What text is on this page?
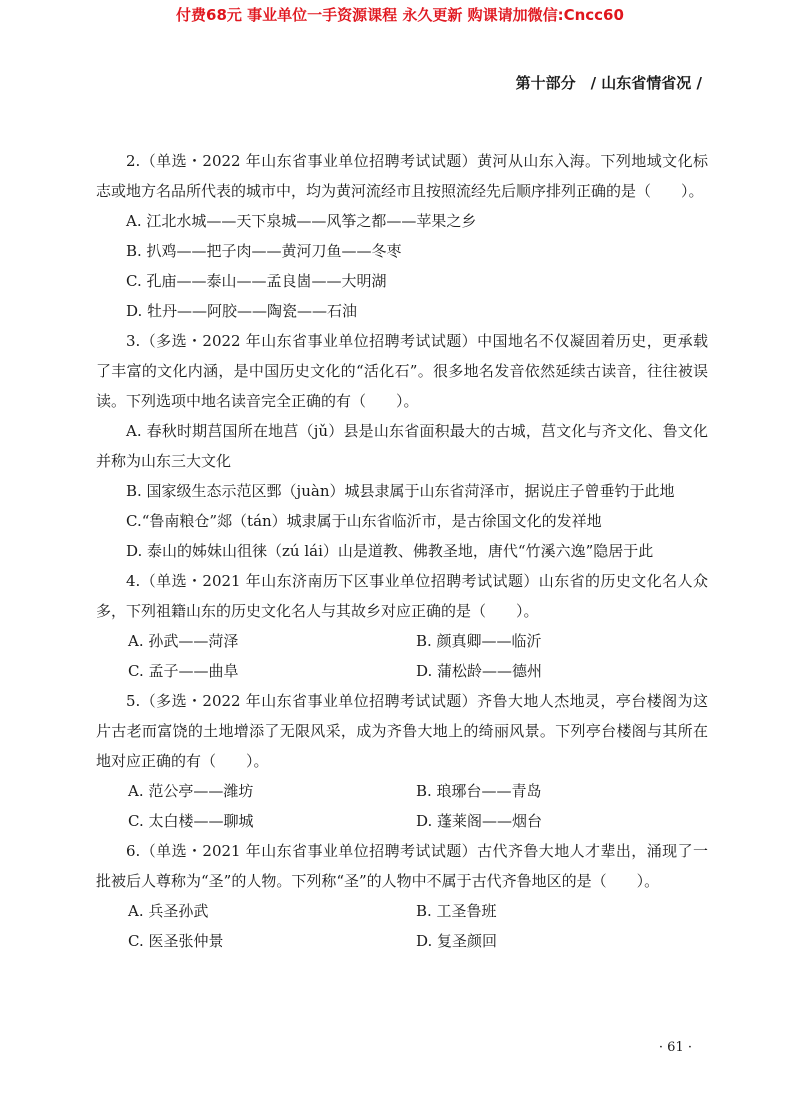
付费68元 事业单位一手资源课程 永久更新 购课请加微信:Cncc60
第十部分　/ 山东省情省况 /

2.（单选・2022 年山东省事业单位招聘考试试题）黄河从山东入海。下列地域文化标志或地方名品所代表的城市中，均为黄河流经市且按照流经先后顺序排列正确的是（　　）。

A. 江北水城——天下泉城——风筝之都——苹果之乡

B. 扒鸡——把子肉——黄河刀鱼——冬枣

C. 孔庙——泰山——孟良崮——大明湖

D. 牡丹——阿胶——陶瓷——石油

3.（多选・2022 年山东省事业单位招聘考试试题）中国地名不仅凝固着历史，更承载了丰富的文化内涵，是中国历史文化的“活化石”。很多地名发音依然延续古读音，往往被误读。下列选项中地名读音完全正确的有（　　）。

A. 春秋时期莒国所在地莒（jǔ）县是山东省面积最大的古城，莒文化与齐文化、鲁文化并称为山东三大文化

B. 国家级生态示范区鄄（juàn）城县隶属于山东省菏泽市，据说庄子曾垂钓于此地

C.“鲁南粮仓”郯（tán）城隶属于山东省临沂市，是古徐国文化的发祥地

D. 泰山的姊妹山徂徕（zú lái）山是道教、佛教圣地，唐代“竹溪六逸”隐居于此

4.（单选・2021 年山东济南历下区事业单位招聘考试试题）山东省的历史文化名人众多，下列祖籍山东的历史文化名人与其故乡对应正确的是（　　）。

A. 孙武——菏泽	B. 颜真卿——临沂
C. 孟子——曲阜	D. 蒲松龄——德州

5.（多选・2022 年山东省事业单位招聘考试试题）齐鲁大地人杰地灵，亭台楼阁为这片古老而富饶的土地增添了无限风采，成为齐鲁大地上的绮丽风景。下列亭台楼阁与其所在地对应正确的有（　　）。

A. 范公亭——潍坊	B. 琅琊台——青岛
C. 太白楼——聊城	D. 蓬莱阁——烟台

6.（单选・2021 年山东省事业单位招聘考试试题）古代齐鲁大地人才辈出，涌现了一批被后人尊称为“圣”的人物。下列称“圣”的人物中不属于古代齐鲁地区的是（　　）。

A. 兵圣孙武	B. 工圣鲁班
C. 医圣张仲景	D. 复圣颜回
· 61 ·
